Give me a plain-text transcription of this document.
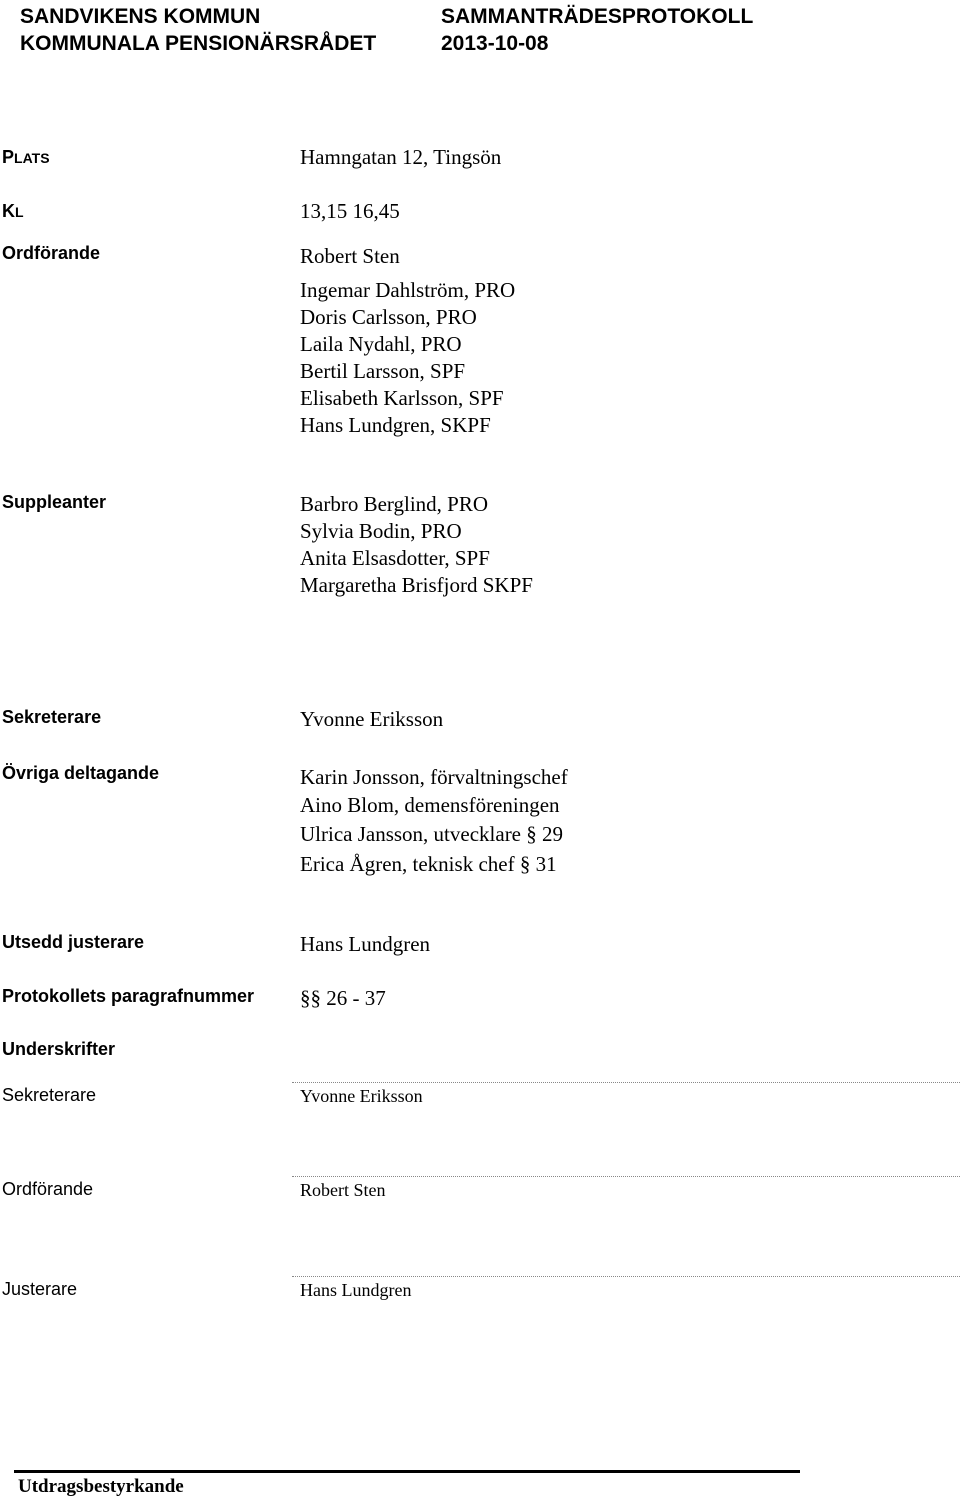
SANDVIKENS KOMMUN
KOMMUNALA PENSIONÄRSRÅDET
SAMMANTRÄDESPROTOKOLL
2013-10-08
PLATS	Hamngatan 12, Tingsön
KL	13,15 16,45
Ordförande	Robert Sten
Ingemar Dahlström, PRO
Doris Carlsson, PRO
Laila Nydahl, PRO
Bertil Larsson, SPF
Elisabeth Karlsson, SPF
Hans Lundgren, SKPF
Suppleanter	Barbro Berglind, PRO
Sylvia Bodin, PRO
Anita Elsasdotter, SPF
Margaretha Brisfjord SKPF
Sekreterare	Yvonne Eriksson
Övriga deltagande	Karin Jonsson, förvaltningschef
Aino Blom, demensföreningen
Ulrica Jansson, utvecklare § 29
Erica Ågren, teknisk chef § 31
Utsedd justerare	Hans Lundgren
Protokollets paragrafnummer §§ 26 - 37
Underskrifter
Sekreterare	Yvonne Eriksson
Ordförande	Robert Sten
Justerare	Hans Lundgren
Utdragsbestyrkande
